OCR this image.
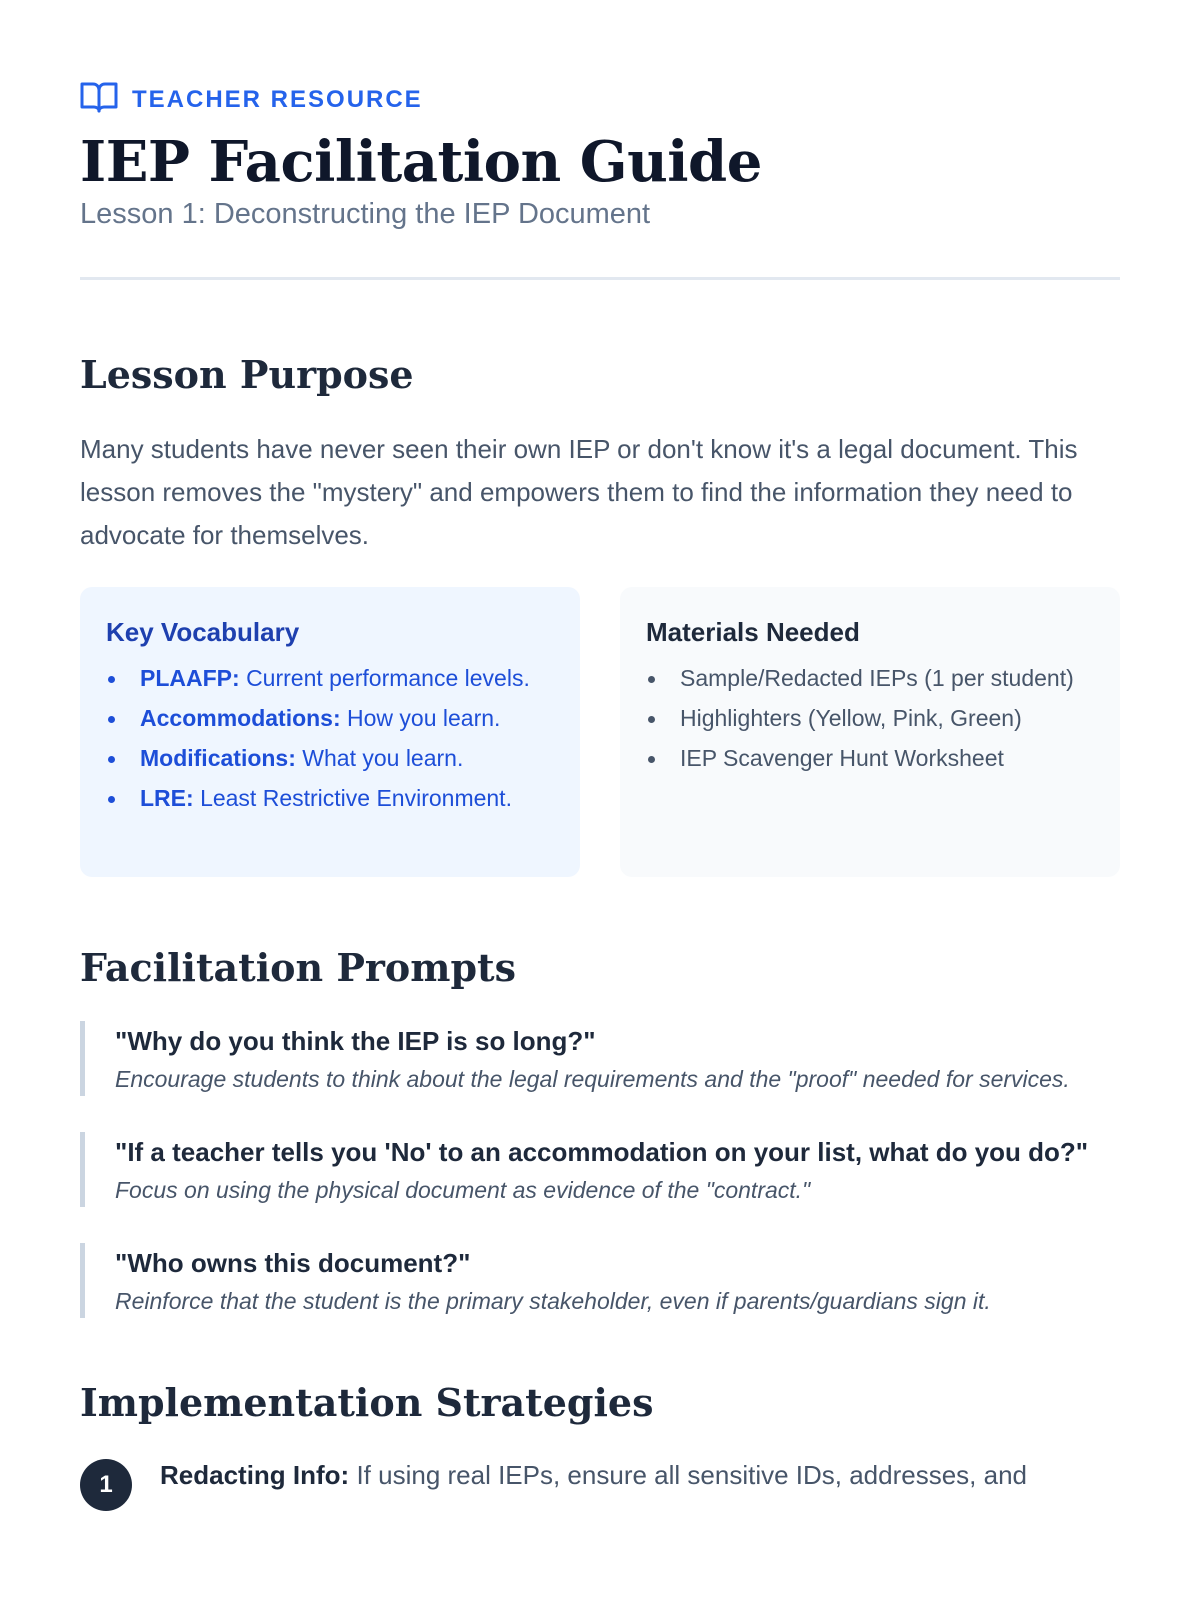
TEACHER RESOURCE
IEP Facilitation Guide
Lesson 1: Deconstructing the IEP Document
Lesson Purpose

Many students have never seen their own IEP or don't know it's a legal document. This lesson removes the "mystery" and empowers them to find the information they need to advocate for themselves.

Key Vocabulary
PLAAFP: Current performance levels.
Accommodations: How you learn.
Modifications: What you learn.
LRE: Least Restrictive Environment.
Materials Needed
Sample/Redacted IEPs (1 per student)
Highlighters (Yellow, Pink, Green)
IEP Scavenger Hunt Worksheet
Facilitation Prompts
"Why do you think the IEP is so long?"
Encourage students to think about the legal requirements and the "proof" needed for services.
"If a teacher tells you 'No' to an accommodation on your list, what do you do?"
Focus on using the physical document as evidence of the "contract."
"Who owns this document?"
Reinforce that the student is the primary stakeholder, even if parents/guardians sign it.
Implementation Strategies
1	Redacting Info: If using real IEPs, ensure all sensitive IDs, addresses, and
